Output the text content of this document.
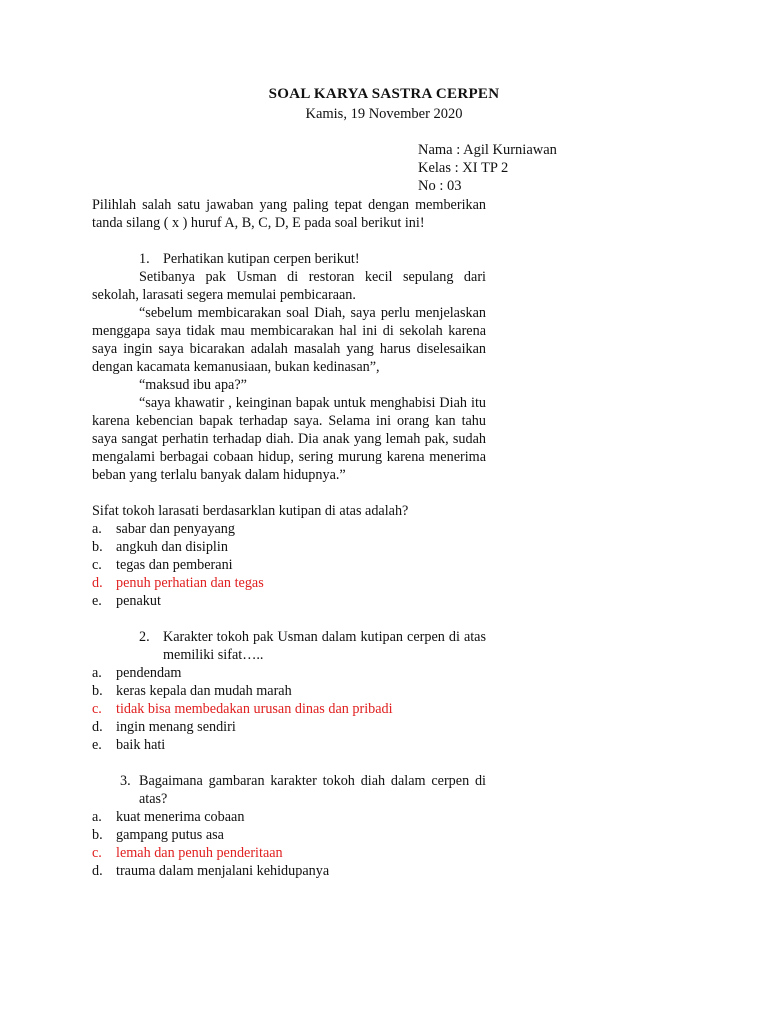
SOAL KARYA SASTRA CERPEN
Kamis, 19 November 2020
Nama : Agil Kurniawan
Kelas : XI TP 2
No : 03
Pilihlah salah satu jawaban yang paling tepat dengan memberikan tanda silang ( x ) huruf A, B, C, D, E pada soal berikut ini!
1. Perhatikan kutipan cerpen berikut!
Setibanya pak Usman di restoran kecil sepulang dari sekolah, larasati segera memulai pembicaraan.
“sebelum membicarakan soal Diah, saya perlu menjelaskan menggapa saya tidak mau membicarakan hal ini di sekolah karena saya ingin saya bicarakan adalah masalah yang harus diselesaikan dengan kacamata kemanusiaan, bukan kedinasan”,
“maksud ibu apa?”
“saya khawatir , keinginan bapak untuk menghabisi Diah itu karena kebencian bapak terhadap saya. Selama ini orang kan tahu saya sangat perhatin terhadap diah. Dia anak yang lemah pak, sudah mengalami berbagai cobaan hidup, sering murung karena menerima beban yang terlalu banyak dalam hidupnya.”
Sifat tokoh larasati berdasarklan kutipan di atas adalah?
a. sabar dan penyayang
b. angkuh dan disiplin
c. tegas dan pemberani
d. penuh perhatian dan tegas
e. penakut
2. Karakter tokoh pak Usman dalam kutipan cerpen di atas memiliki sifat…..
a. pendendam
b. keras kepala dan mudah marah
c. tidak bisa membedakan urusan dinas dan pribadi
d. ingin menang sendiri
e. baik hati
3. Bagaimana gambaran karakter tokoh diah dalam cerpen di atas?
a. kuat menerima cobaan
b. gampang putus asa
c. lemah dan penuh penderitaan
d. trauma dalam menjalani kehidupanya
